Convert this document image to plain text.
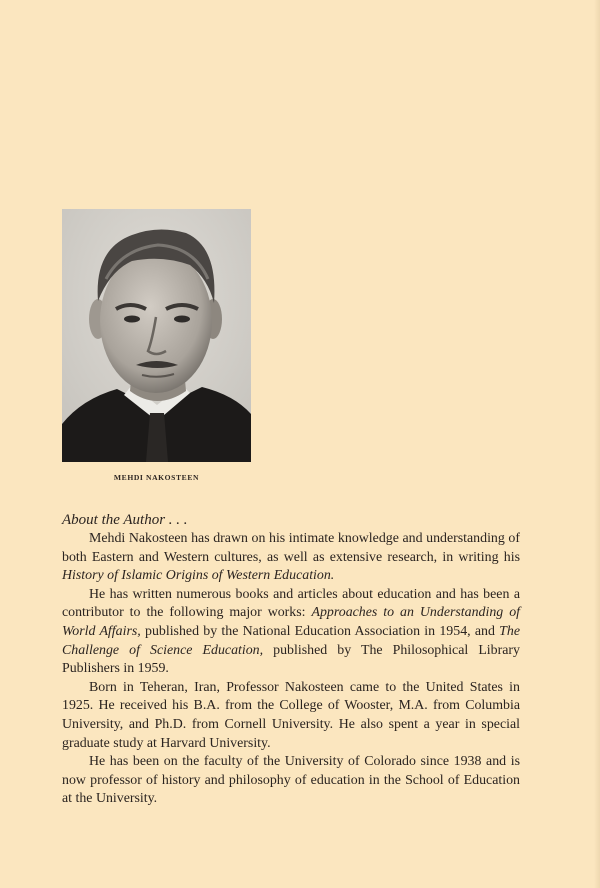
MEHDI NAKOSTEEN
About the Author . . .

Mehdi Nakosteen has drawn on his intimate knowledge and understanding of both Eastern and Western cultures, as well as extensive research, in writing his History of Islamic Origins of Western Education.

He has written numerous books and articles about education and has been a contributor to the following major works: Approaches to an Understanding of World Affairs, published by the National Education Association in 1954, and The Challenge of Science Education, published by The Philosophical Library Publishers in 1959.

Born in Teheran, Iran, Professor Nakosteen came to the United States in 1925. He received his B.A. from the College of Wooster, M.A. from Columbia University, and Ph.D. from Cornell University. He also spent a year in special graduate study at Harvard University.

He has been on the faculty of the University of Colorado since 1938 and is now professor of history and philosophy of education in the School of Education at the University.
